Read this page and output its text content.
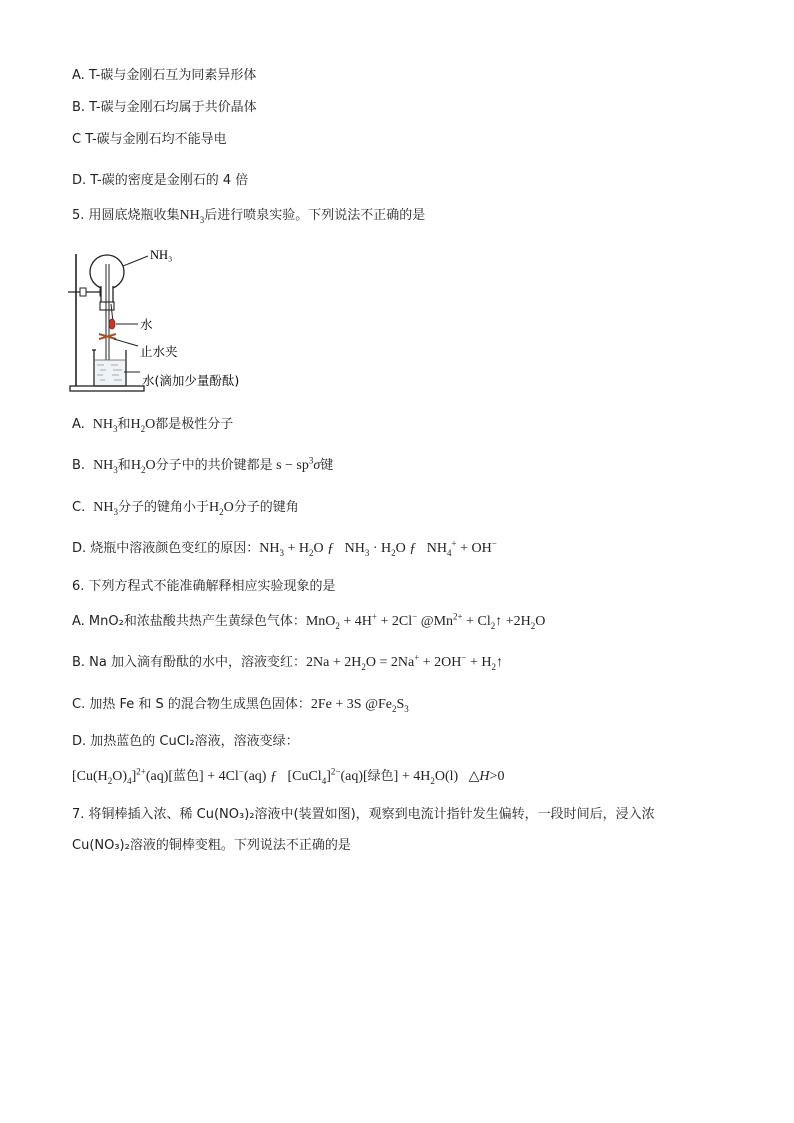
A. T-碳与金刚石互为同素异形体
B. T-碳与金刚石均属于共价晶体
C T-碳与金刚石均不能导电
D. T-碳的密度是金刚石的 4 倍
5. 用圆底烧瓶收集$NH_3$后进行喷泉实验。下列说法不正确的是
NH₃
水
止水夹
水(滴加少量酚酞)
A. $NH_3$和$H_2O$都是极性分子
B. $NH_3$和$H_2O$分子中的共价键都是 $s - sp^3\sigma$键
C. $NH_3$分子的键角小于$H_2O$分子的键角
D. 烧瓶中溶液颜色变红的原因：$NH_3 + H_2O$ ƒ   $NH_3 \cdot H_2O$ ƒ   $NH_4^+ + OH^-$
6. 下列方程式不能准确解释相应实验现象的是
A. MnO₂和浓盐酸共热产生黄绿色气体：MnO$_2$ + 4H+ + 2Cl− $@Mn^{2+}$ + $Cl_2↑ +2H_2O$
B. Na 加入滴有酚酞的水中，溶液变红：$2Na + 2H_2O = 2Na^+ + 2OH^-$ + $H_2↑$
C. 加热 Fe 和 S 的混合物生成黑色固体：2Fe + 3S $@Fe_2S_3$
D. 加热蓝色的 CuCl₂溶液，溶液变绿：
$[Cu(H_2O)_4]^{2+}(aq)$[蓝色] + 4Cl−(aq) ƒ   [CuCl$_4$]$^{2-}$(aq)[绿色] + $4H_2O(l)$   △H>0
7. 将铜棒插入浓、稀 Cu(NO₃)₂溶液中(装置如图)，观察到电流计指针发生偏转，一段时间后，浸入浓
Cu(NO₃)₂溶液的铜棒变粗。下列说法不正确的是
